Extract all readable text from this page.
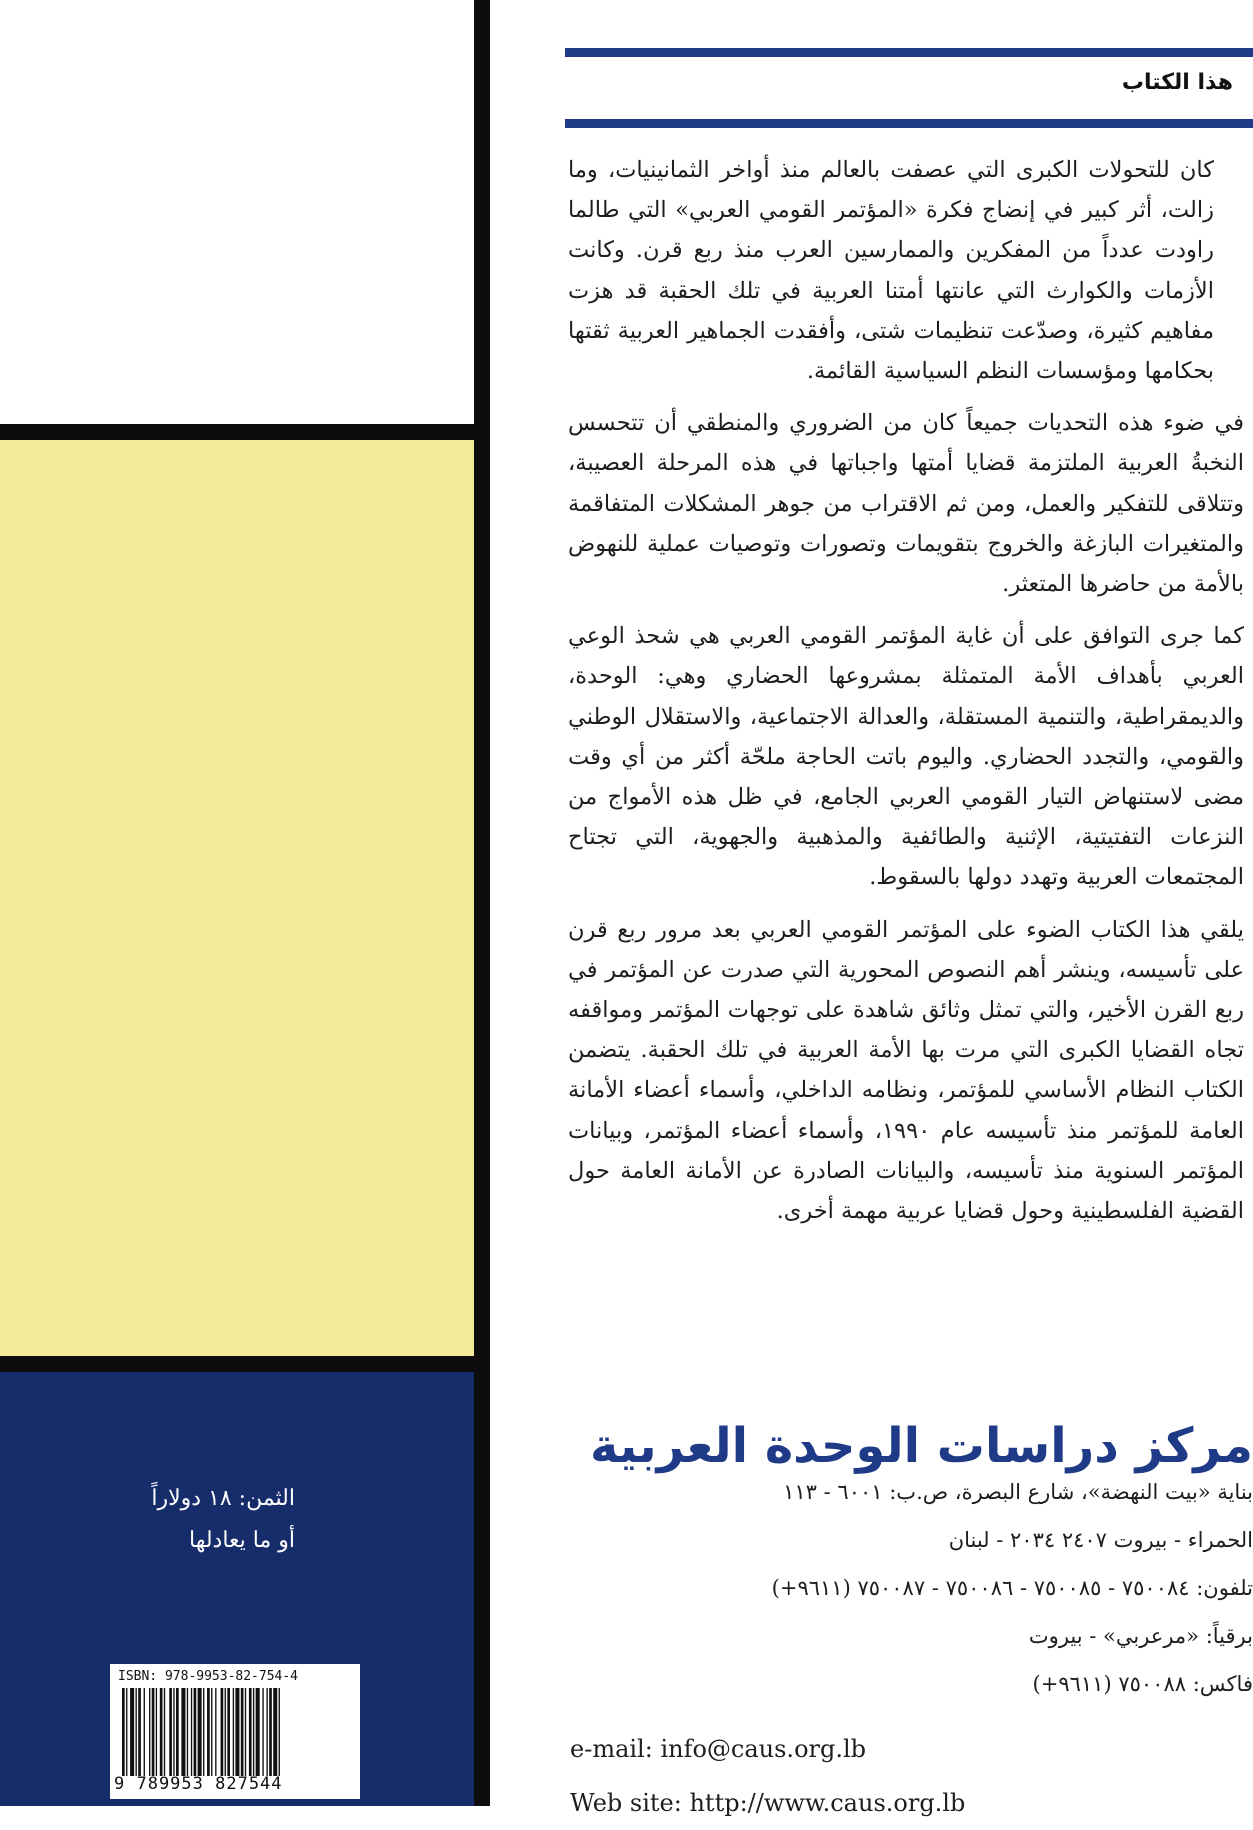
الثمن: ١٨ دولاراً
أو ما يعادلها
ISBN: 978-9953-82-754-4
9 789953 827544
هذا الكتاب

كان للتحولات الكبرى التي عصفت بالعالم منذ أواخر الثمانينيات، وما زالت، أثر كبير في إنضاج فكرة «المؤتمر القومي العربي» التي طالما راودت عدداً من المفكرين والممارسين العرب منذ ربع قرن. وكانت الأزمات والكوارث التي عانتها أمتنا العربية في تلك الحقبة قد هزت مفاهيم كثيرة، وصدّعت تنظيمات شتى، وأفقدت الجماهير العربية ثقتها بحكامها ومؤسسات النظم السياسية القائمة.

في ضوء هذه التحديات جميعاً كان من الضروري والمنطقي أن تتحسس النخبةُ العربية الملتزمة قضايا أمتها واجباتها في هذه المرحلة العصيبة، وتتلاقى للتفكير والعمل، ومن ثم الاقتراب من جوهر المشكلات المتفاقمة والمتغيرات البازغة والخروج بتقويمات وتصورات وتوصيات عملية للنهوض بالأمة من حاضرها المتعثر.

كما جرى التوافق على أن غاية المؤتمر القومي العربي هي شحذ الوعي العربي بأهداف الأمة المتمثلة بمشروعها الحضاري وهي: الوحدة، والديمقراطية، والتنمية المستقلة، والعدالة الاجتماعية، والاستقلال الوطني والقومي، والتجدد الحضاري. واليوم باتت الحاجة ملحّة أكثر من أي وقت مضى لاستنهاض التيار القومي العربي الجامع، في ظل هذه الأمواج من النزعات التفتيتية، الإثنية والطائفية والمذهبية والجهوية، التي تجتاح المجتمعات العربية وتهدد دولها بالسقوط.

يلقي هذا الكتاب الضوء على المؤتمر القومي العربي بعد مرور ربع قرن على تأسيسه، وينشر أهم النصوص المحورية التي صدرت عن المؤتمر في ربع القرن الأخير، والتي تمثل وثائق شاهدة على توجهات المؤتمر ومواقفه تجاه القضايا الكبرى التي مرت بها الأمة العربية في تلك الحقبة. يتضمن الكتاب النظام الأساسي للمؤتمر، ونظامه الداخلي، وأسماء أعضاء الأمانة العامة للمؤتمر منذ تأسيسه عام ١٩٩٠، وأسماء أعضاء المؤتمر، وبيانات المؤتمر السنوية منذ تأسيسه، والبيانات الصادرة عن الأمانة العامة حول القضية الفلسطينية وحول قضايا عربية مهمة أخرى.

مركز دراسات الوحدة العربية
بناية «بيت النهضة»، شارع البصرة، ص.ب: ٦٠٠١ - ١١٣
الحمراء - بيروت ٢٤٠٧ ٢٠٣٤ - لبنان
تلفون: ٧٥٠٠٨٤ - ٧٥٠٠٨٥ - ٧٥٠٠٨٦ - ٧٥٠٠٨٧ (٩٦١١+)
برقياً: «مرعربي» - بيروت
فاكس: ٧٥٠٠٨٨ (٩٦١١+)
e-mail: info@caus.org.lb
Web site: http://www.caus.org.lb
